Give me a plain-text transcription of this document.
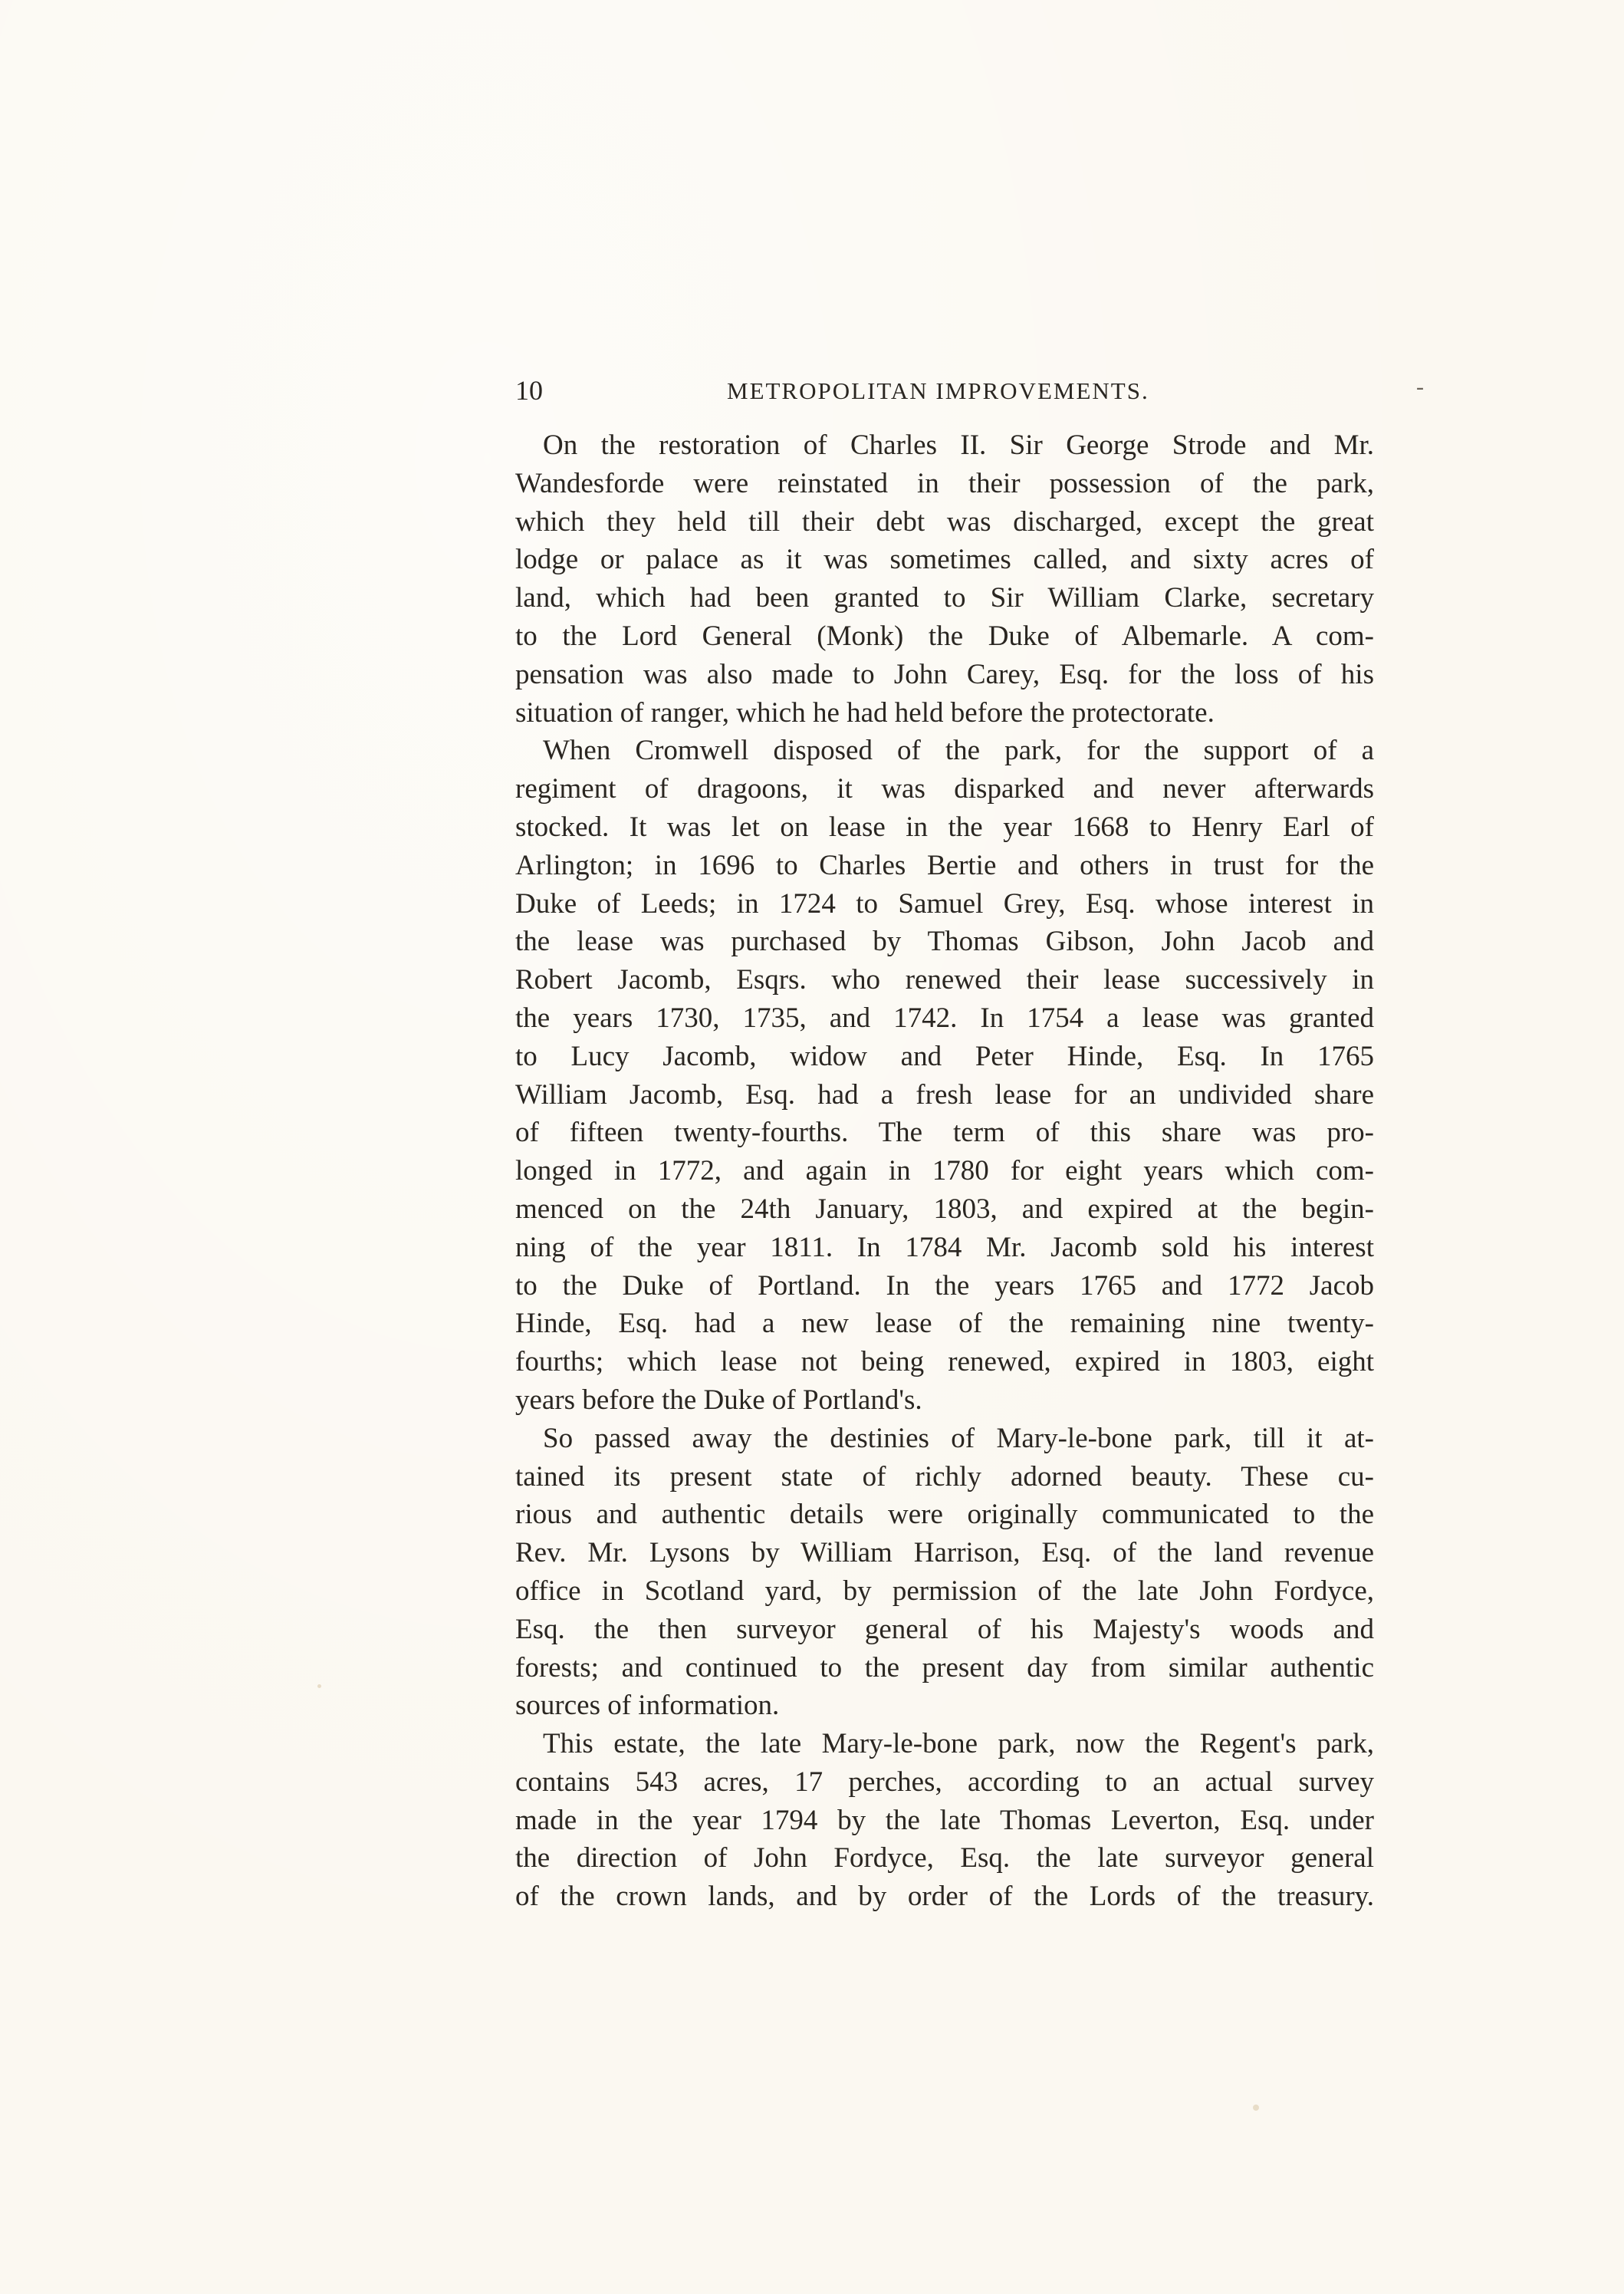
10	METROPOLITAN IMPROVEMENTS.	-
On the restoration of Charles II. Sir George Strode and Mr.
Wandesforde were reinstated in their possession of the park,
which they held till their debt was discharged, except the great
lodge or palace as it was sometimes called, and sixty acres of
land, which had been granted to Sir William Clarke, secretary
to the Lord General (Monk) the Duke of Albemarle. A com-
pensation was also made to John Carey, Esq. for the loss of his
situation of ranger, which he had held before the protectorate.
When Cromwell disposed of the park, for the support of a
regiment of dragoons, it was disparked and never afterwards
stocked. It was let on lease in the year 1668 to Henry Earl of
Arlington; in 1696 to Charles Bertie and others in trust for the
Duke of Leeds; in 1724 to Samuel Grey, Esq. whose interest in
the lease was purchased by Thomas Gibson, John Jacob and
Robert Jacomb, Esqrs. who renewed their lease successively in
the years 1730, 1735, and 1742. In 1754 a lease was granted
to Lucy Jacomb, widow and Peter Hinde, Esq. In 1765
William Jacomb, Esq. had a fresh lease for an undivided share
of fifteen twenty-fourths. The term of this share was pro-
longed in 1772, and again in 1780 for eight years which com-
menced on the 24th January, 1803, and expired at the begin-
ning of the year 1811. In 1784 Mr. Jacomb sold his interest
to the Duke of Portland. In the years 1765 and 1772 Jacob
Hinde, Esq. had a new lease of the remaining nine twenty-
fourths; which lease not being renewed, expired in 1803, eight
years before the Duke of Portland's.
So passed away the destinies of Mary-le-bone park, till it at-
tained its present state of richly adorned beauty. These cu-
rious and authentic details were originally communicated to the
Rev. Mr. Lysons by William Harrison, Esq. of the land revenue
office in Scotland yard, by permission of the late John Fordyce,
Esq. the then surveyor general of his Majesty's woods and
forests; and continued to the present day from similar authentic
sources of information.
This estate, the late Mary-le-bone park, now the Regent's park,
contains 543 acres, 17 perches, according to an actual survey
made in the year 1794 by the late Thomas Leverton, Esq. under
the direction of John Fordyce, Esq. the late surveyor general
of the crown lands, and by order of the Lords of the treasury.
